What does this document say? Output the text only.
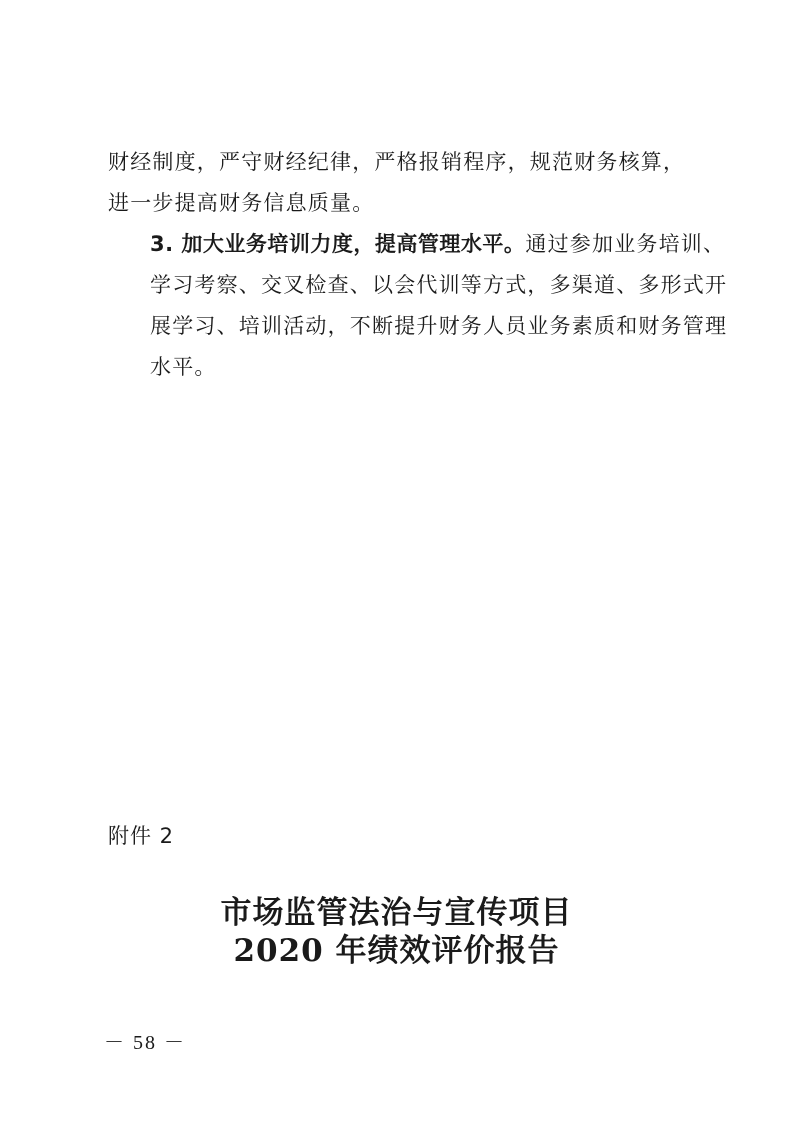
财经制度，严守财经纪律，严格报销程序，规范财务核算，进一步提高财务信息质量。
3. 加大业务培训力度，提高管理水平。通过参加业务培训、学习考察、交叉检查、以会代训等方式，多渠道、多形式开展学习、培训活动，不断提升财务人员业务素质和财务管理水平。
附件 2
市场监管法治与宣传项目
2020 年绩效评价报告
－ 58 －
